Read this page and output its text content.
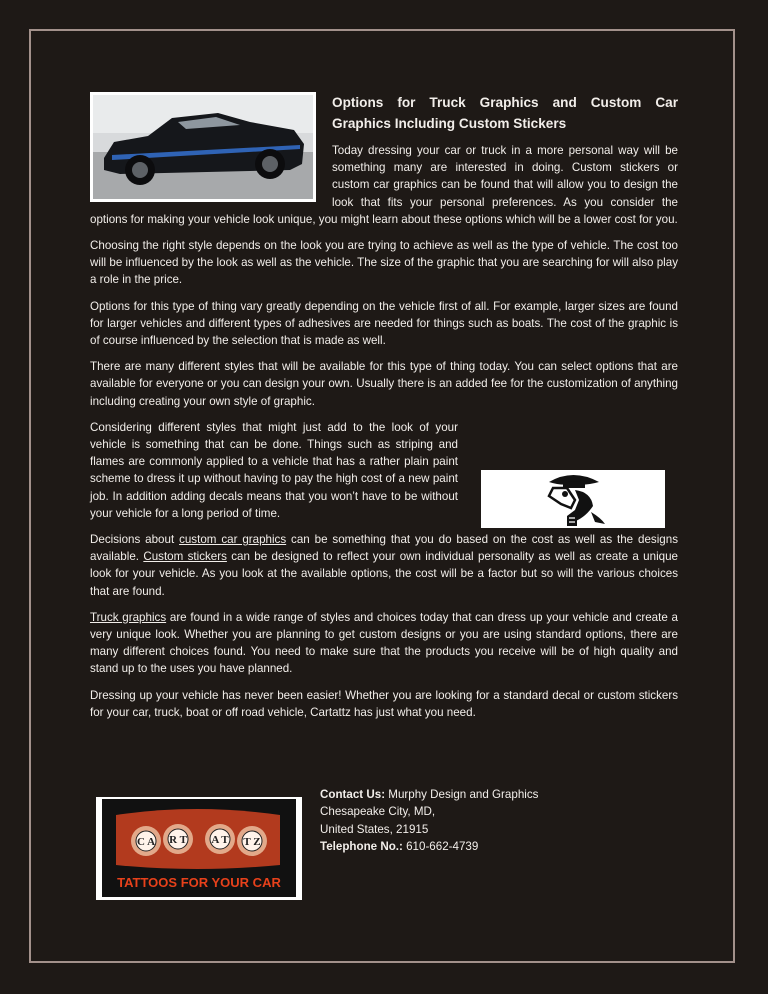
Options for Truck Graphics and Custom Car Graphics Including Custom Stickers

Today dressing your car or truck in a more personal way will be something many are interested in doing. Custom stickers or custom car graphics can be found that will allow you to design the look that fits your personal preferences. As you consider the options for making your vehicle look unique, you might learn about these options which will be a lower cost for you.

Choosing the right style depends on the look you are trying to achieve as well as the type of vehicle. The cost too will be influenced by the look as well as the vehicle. The size of the graphic that you are searching for will also play a role in the price.

Options for this type of thing vary greatly depending on the vehicle first of all. For example, larger sizes are found for larger vehicles and different types of adhesives are needed for things such as boats. The cost of the graphic is of course influenced by the selection that is made as well.

There are many different styles that will be available for this type of thing today. You can select options that are available for everyone or you can design your own. Usually there is an added fee for the customization of anything including creating your own style of graphic.

Considering different styles that might just add to the look of your vehicle is something that can be done. Things such as striping and flames are commonly applied to a vehicle that has a rather plain paint scheme to dress it up without having to pay the high cost of a new paint job. In addition adding decals means that you won’t have to be without your vehicle for a long period of time.

Decisions about custom car graphics can be something that you do based on the cost as well as the designs available. Custom stickers can be designed to reflect your own individual personality as well as create a unique look for your vehicle. As you look at the available options, the cost will be a factor but so will the various choices that are found.

Truck graphics are found in a wide range of styles and choices today that can dress up your vehicle and create a very unique look. Whether you are planning to get custom designs or you are using standard options, there are many different choices found. You need to make sure that the products you receive will be of high quality and stand up to the uses you have planned.

Dressing up your vehicle has never been easier! Whether you are looking for a standard decal or custom stickers for your car, truck, boat or off road vehicle, Cartattz has just what you need.

C A R T A T T Z
TATTOOS FOR YOUR CAR
Contact Us: Murphy Design and Graphics
Chesapeake City, MD,
United States, 21915
Telephone No.: 610-662-4739
